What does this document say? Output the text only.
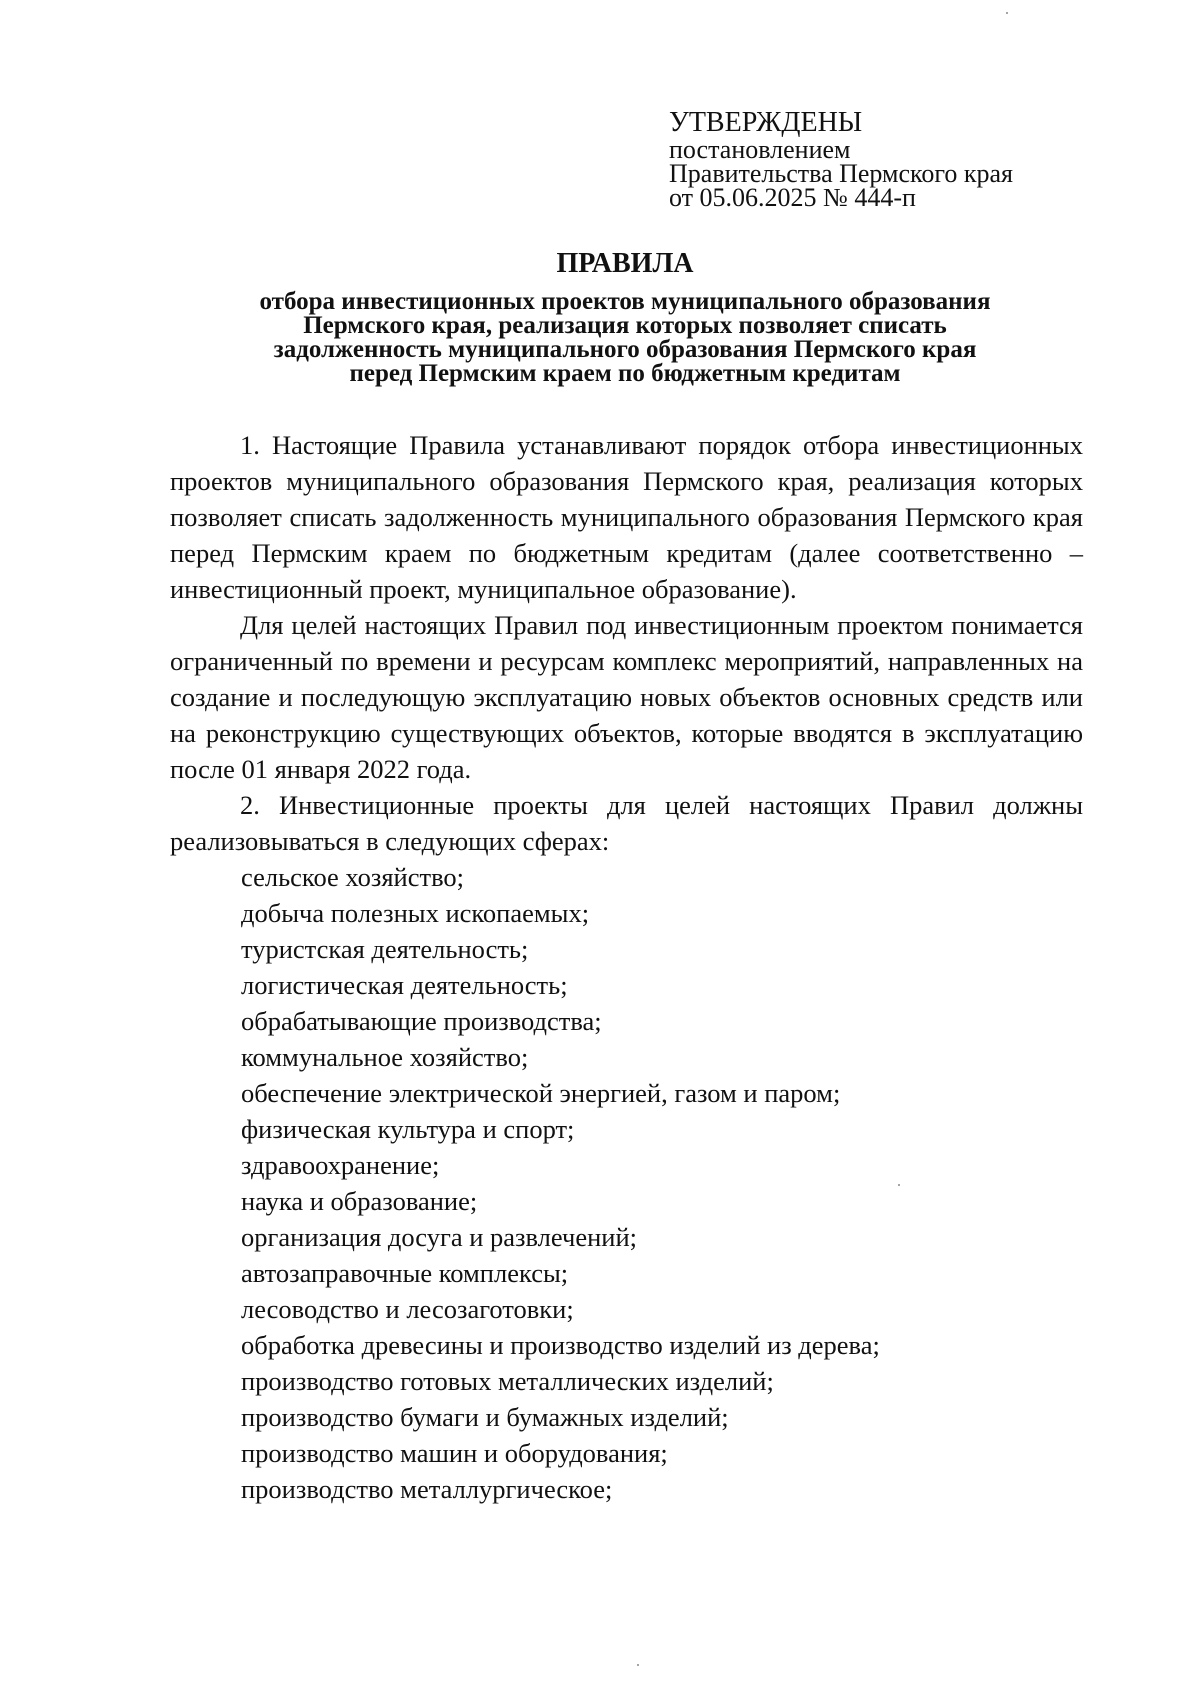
УТВЕРЖДЕНЫ
постановлением
Правительства Пермского края
от 05.06.2025 № 444-п
ПРАВИЛА
отбора инвестиционных проектов муниципального образования
Пермского края, реализация которых позволяет списать
задолженность муниципального образования Пермского края
перед Пермским краем по бюджетным кредитам

1. Настоящие Правила устанавливают порядок отбора инвестиционных проектов муниципального образования Пермского края, реализация которых позволяет списать задолженность муниципального образования Пермского края перед Пермским краем по бюджетным кредитам (далее соответственно – инвестиционный проект, муниципальное образование).

Для целей настоящих Правил под инвестиционным проектом понимается ограниченный по времени и ресурсам комплекс мероприятий, направленных на создание и последующую эксплуатацию новых объектов основных средств или на реконструкцию существующих объектов, которые вводятся в эксплуатацию после 01 января 2022 года.

2. Инвестиционные проекты для целей настоящих Правил должны реализовываться в следующих сферах:

сельское хозяйство;

добыча полезных ископаемых;

туристская деятельность;

логистическая деятельность;

обрабатывающие производства;

коммунальное хозяйство;

обеспечение электрической энергией, газом и паром;

физическая культура и спорт;

здравоохранение;

наука и образование;

организация досуга и развлечений;

автозаправочные комплексы;

лесоводство и лесозаготовки;

обработка древесины и производство изделий из дерева;

производство готовых металлических изделий;

производство бумаги и бумажных изделий;

производство машин и оборудования;

производство металлургическое;
